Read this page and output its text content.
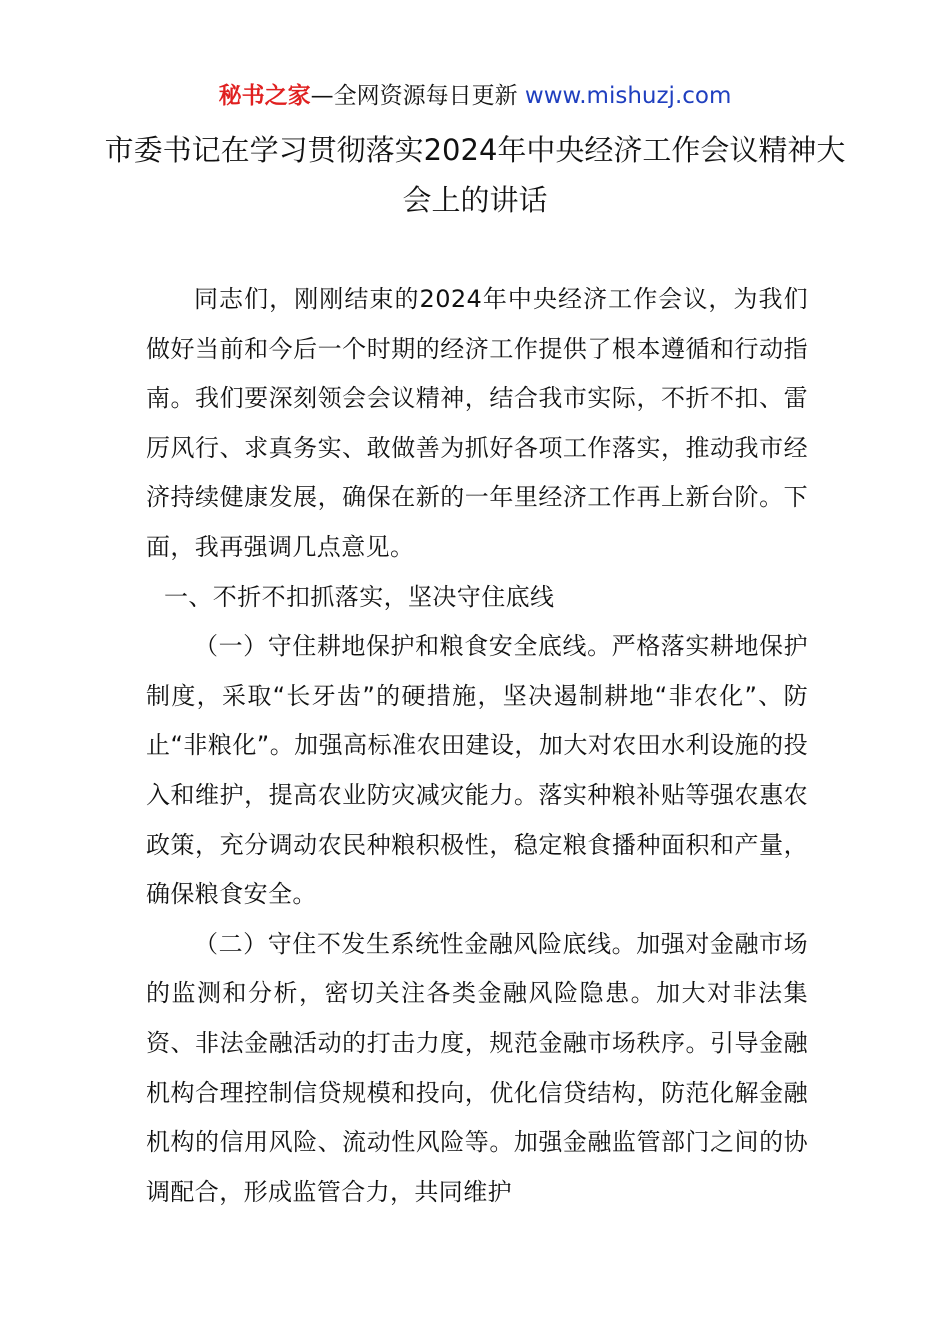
秘书之家—全网资源每日更新 www.mishuzj.com
市委书记在学习贯彻落实2024年中央经济工作会议精神大会上的讲话

同志们，刚刚结束的2024年中央经济工作会议，为我们做好当前和今后一个时期的经济工作提供了根本遵循和行动指南。我们要深刻领会会议精神，结合我市实际，不折不扣、雷厉风行、求真务实、敢做善为抓好各项工作落实，推动我市经济持续健康发展，确保在新的一年里经济工作再上新台阶。下面，我再强调几点意见。

一、不折不扣抓落实，坚决守住底线

（一）守住耕地保护和粮食安全底线。严格落实耕地保护制度，采取“长牙齿”的硬措施，坚决遏制耕地“非农化”、防止“非粮化”。加强高标准农田建设，加大对农田水利设施的投入和维护，提高农业防灾减灾能力。落实种粮补贴等强农惠农政策，充分调动农民种粮积极性，稳定粮食播种面积和产量，确保粮食安全。

（二）守住不发生系统性金融风险底线。加强对金融市场的监测和分析，密切关注各类金融风险隐患。加大对非法集资、非法金融活动的打击力度，规范金融市场秩序。引导金融机构合理控制信贷规模和投向，优化信贷结构，防范化解金融机构的信用风险、流动性风险等。加强金融监管部门之间的协调配合，形成监管合力，共同维护
